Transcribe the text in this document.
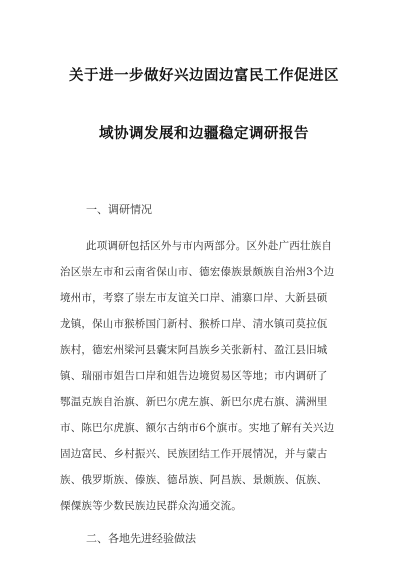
关于进一步做好兴边固边富民工作促进区
域协调发展和边疆稳定调研报告
一、调研情况
此项调研包括区外与市内两部分。区外赴广西壮族自
治区崇左市和云南省保山市、德宏傣族景颇族自治州3个边
境州市，考察了崇左市友谊关口岸、浦寨口岸、大新县硕
龙镇，保山市猴桥国门新村、猴桥口岸、清水镇司莫拉佤
族村，德宏州梁河县囊宋阿昌族乡关张新村、盈江县旧城
镇、瑞丽市姐告口岸和姐告边境贸易区等地；市内调研了
鄂温克族自治旗、新巴尔虎左旗、新巴尔虎右旗、满洲里
市、陈巴尔虎旗、额尔古纳市6个旗市。实地了解有关兴边
固边富民、乡村振兴、民族团结工作开展情况，并与蒙古
族、俄罗斯族、傣族、德昂族、阿昌族、景颇族、佤族、
傈僳族等少数民族边民群众沟通交流。
二、各地先进经验做法
